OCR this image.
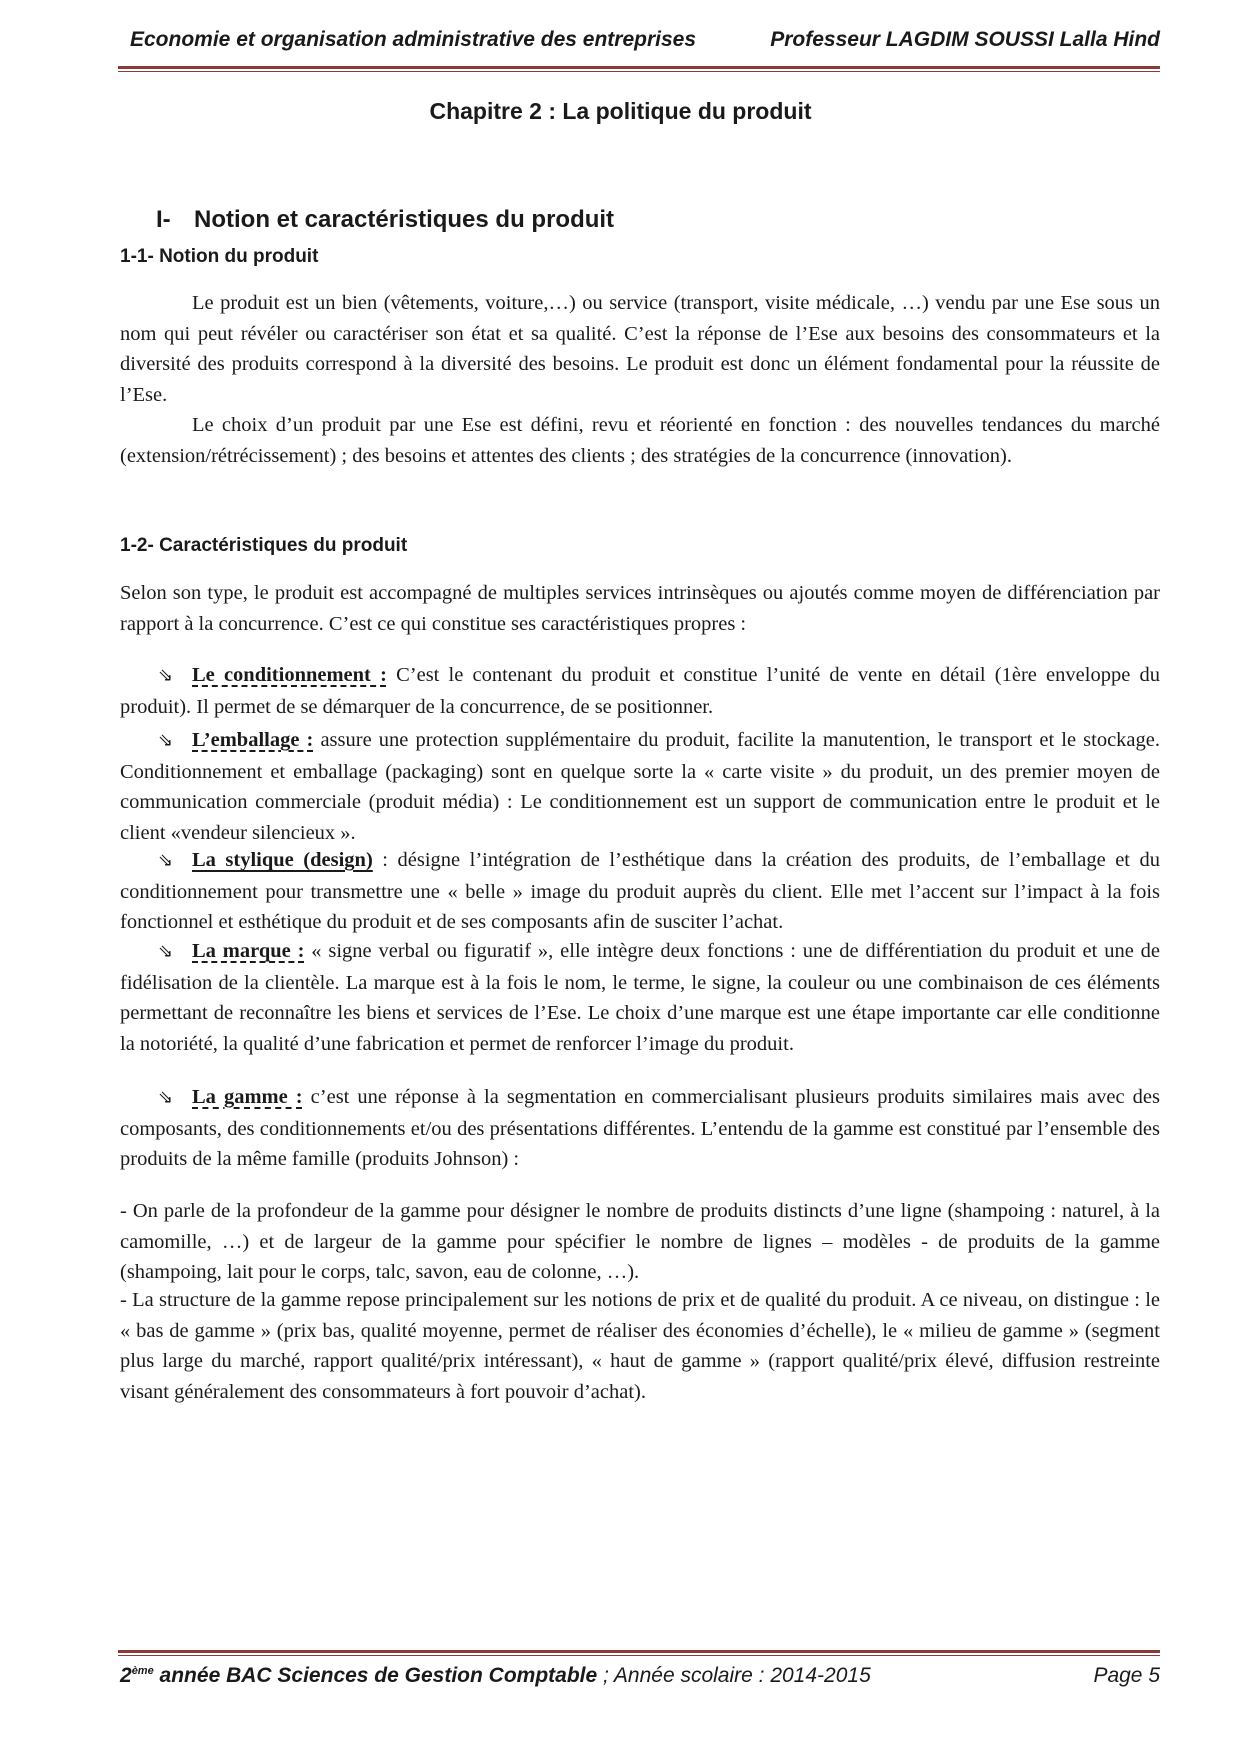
Economie et organisation administrative des entreprises	Professeur LAGDIM SOUSSI Lalla Hind
Chapitre 2 : La politique du produit
I- Notion et caractéristiques du produit
1-1- Notion du produit
Le produit est un bien (vêtements, voiture,…) ou service (transport, visite médicale, …) vendu par une Ese sous un nom qui peut révéler ou caractériser son état et sa qualité. C’est la réponse de l’Ese aux besoins des consommateurs et la diversité des produits correspond à la diversité des besoins. Le produit est donc un élément fondamental pour la réussite de l’Ese.
Le choix d’un produit par une Ese est défini, revu et réorienté en fonction : des nouvelles tendances du marché (extension/rétrécissement) ; des besoins et attentes des clients ; des stratégies de la concurrence (innovation).
1-2- Caractéristiques du produit
Selon son type, le produit est accompagné de multiples services intrinsèques ou ajoutés comme moyen de différenciation par rapport à la concurrence. C’est ce qui constitue ses caractéristiques propres :
⇘ Le conditionnement : C’est le contenant du produit et constitue l’unité de vente en détail (1ère enveloppe du produit). Il permet de se démarquer de la concurrence, de se positionner.
⇘ L’emballage : assure une protection supplémentaire du produit, facilite la manutention, le transport et le stockage. Conditionnement et emballage (packaging) sont en quelque sorte la « carte visite » du produit, un des premier moyen de communication commerciale (produit média) : Le conditionnement est un support de communication entre le produit et le client «vendeur silencieux ».
⇘ La stylique (design) : désigne l’intégration de l’esthétique dans la création des produits, de l’emballage et du conditionnement pour transmettre une « belle » image du produit auprès du client. Elle met l’accent sur l’impact à la fois fonctionnel et esthétique du produit et de ses composants afin de susciter l’achat.
⇘ La marque : « signe verbal ou figuratif », elle intègre deux fonctions : une de différentiation du produit et une de fidélisation de la clientèle. La marque est à la fois le nom, le terme, le signe, la couleur ou une combinaison de ces éléments permettant de reconnaître les biens et services de l’Ese. Le choix d’une marque est une étape importante car elle conditionne la notoriété, la qualité d’une fabrication et permet de renforcer l’image du produit.
⇘ La gamme : c’est une réponse à la segmentation en commercialisant plusieurs produits similaires mais avec des composants, des conditionnements et/ou des présentations différentes. L’entendu de la gamme est constitué par l’ensemble des produits de la même famille (produits Johnson) :
- On parle de la profondeur de la gamme pour désigner le nombre de produits distincts d’une ligne (shampoing : naturel, à la camomille, …) et de largeur de la gamme pour spécifier le nombre de lignes – modèles - de produits de la gamme (shampoing, lait pour le corps, talc, savon, eau de colonne, …).
- La structure de la gamme repose principalement sur les notions de prix et de qualité du produit. A ce niveau, on distingue : le « bas de gamme » (prix bas, qualité moyenne, permet de réaliser des économies d’échelle), le « milieu de gamme » (segment plus large du marché, rapport qualité/prix intéressant), « haut de gamme » (rapport qualité/prix élevé, diffusion restreinte visant généralement des consommateurs à fort pouvoir d’achat).
2ème année BAC Sciences de Gestion Comptable ; Année scolaire : 2014-2015	Page 5
